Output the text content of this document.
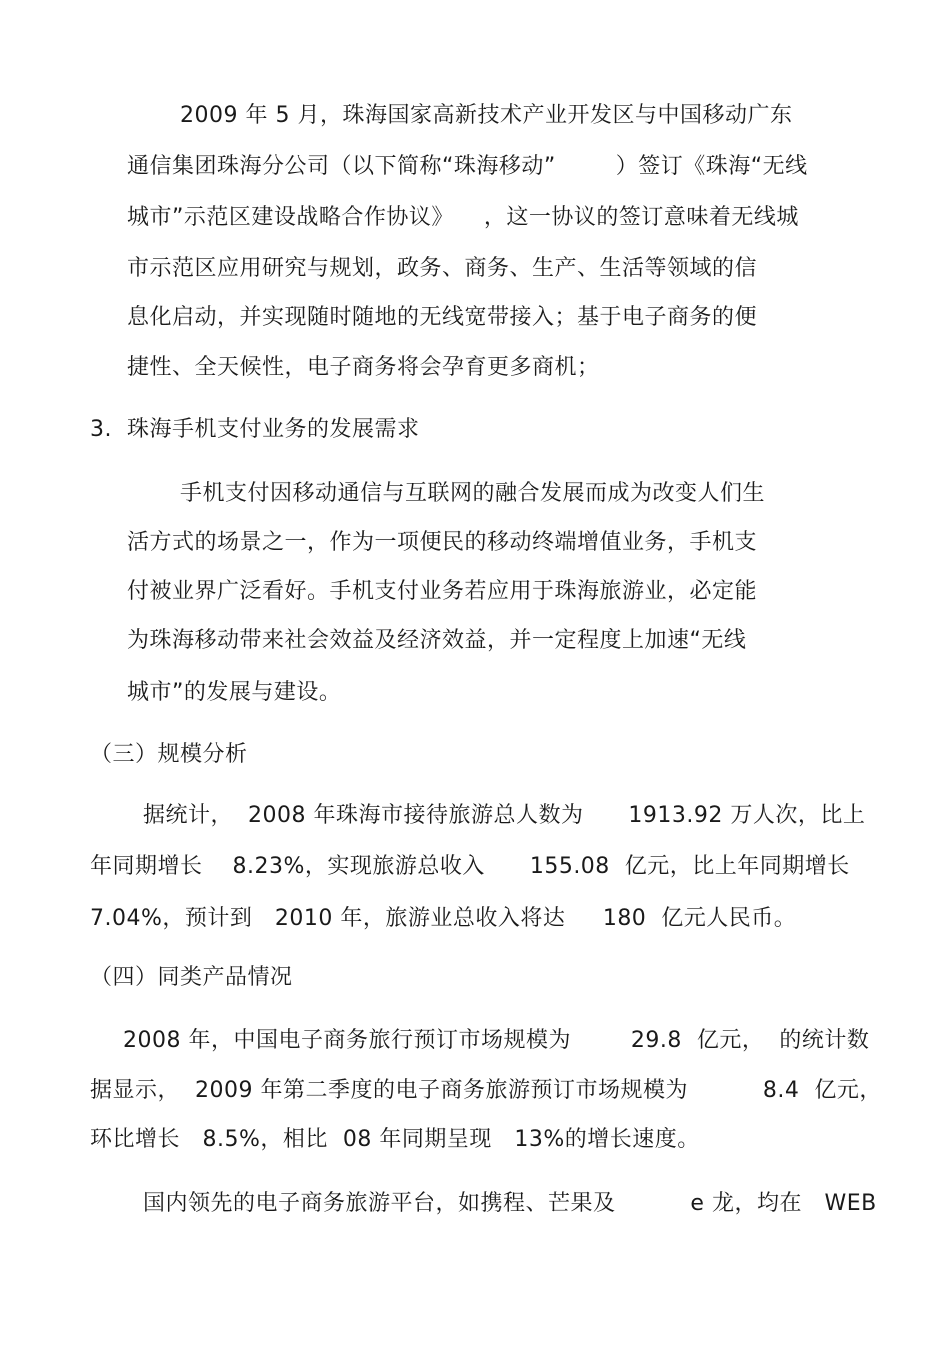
2009 年 5 月，珠海国家高新技术产业开发区与中国移动广东
通信集团珠海分公司（以下简称“珠海移动”        ）签订《珠海“无线
城市”示范区建设战略合作协议》    ，这一协议的签订意味着无线城
市示范区应用研究与规划，政务、商务、生产、生活等领域的信
息化启动，并实现随时随地的无线宽带接入；基于电子商务的便
捷性、全天候性，电子商务将会孕育更多商机；
3.  珠海手机支付业务的发展需求
手机支付因移动通信与互联网的融合发展而成为改变人们生
活方式的场景之一，作为一项便民的移动终端增值业务，手机支
付被业界广泛看好。手机支付业务若应用于珠海旅游业，必定能
为珠海移动带来社会效益及经济效益，并一定程度上加速“无线
城市”的发展与建设。
（三）规模分析
据统计，  2008 年珠海市接待旅游总人数为      1913.92 万人次，比上
年同期增长    8.23%，实现旅游总收入      155.08  亿元，比上年同期增长
7.04%，预计到   2010 年，旅游业总收入将达     180  亿元人民币。
（四）同类产品情况
2008 年，中国电子商务旅行预订市场规模为        29.8  亿元，  的统计数
据显示，  2009 年第二季度的电子商务旅游预订市场规模为          8.4  亿元，
环比增长   8.5%，相比  08 年同期呈现   13%的增长速度。
国内领先的电子商务旅游平台，如携程、芒果及          e 龙，均在   WEB
